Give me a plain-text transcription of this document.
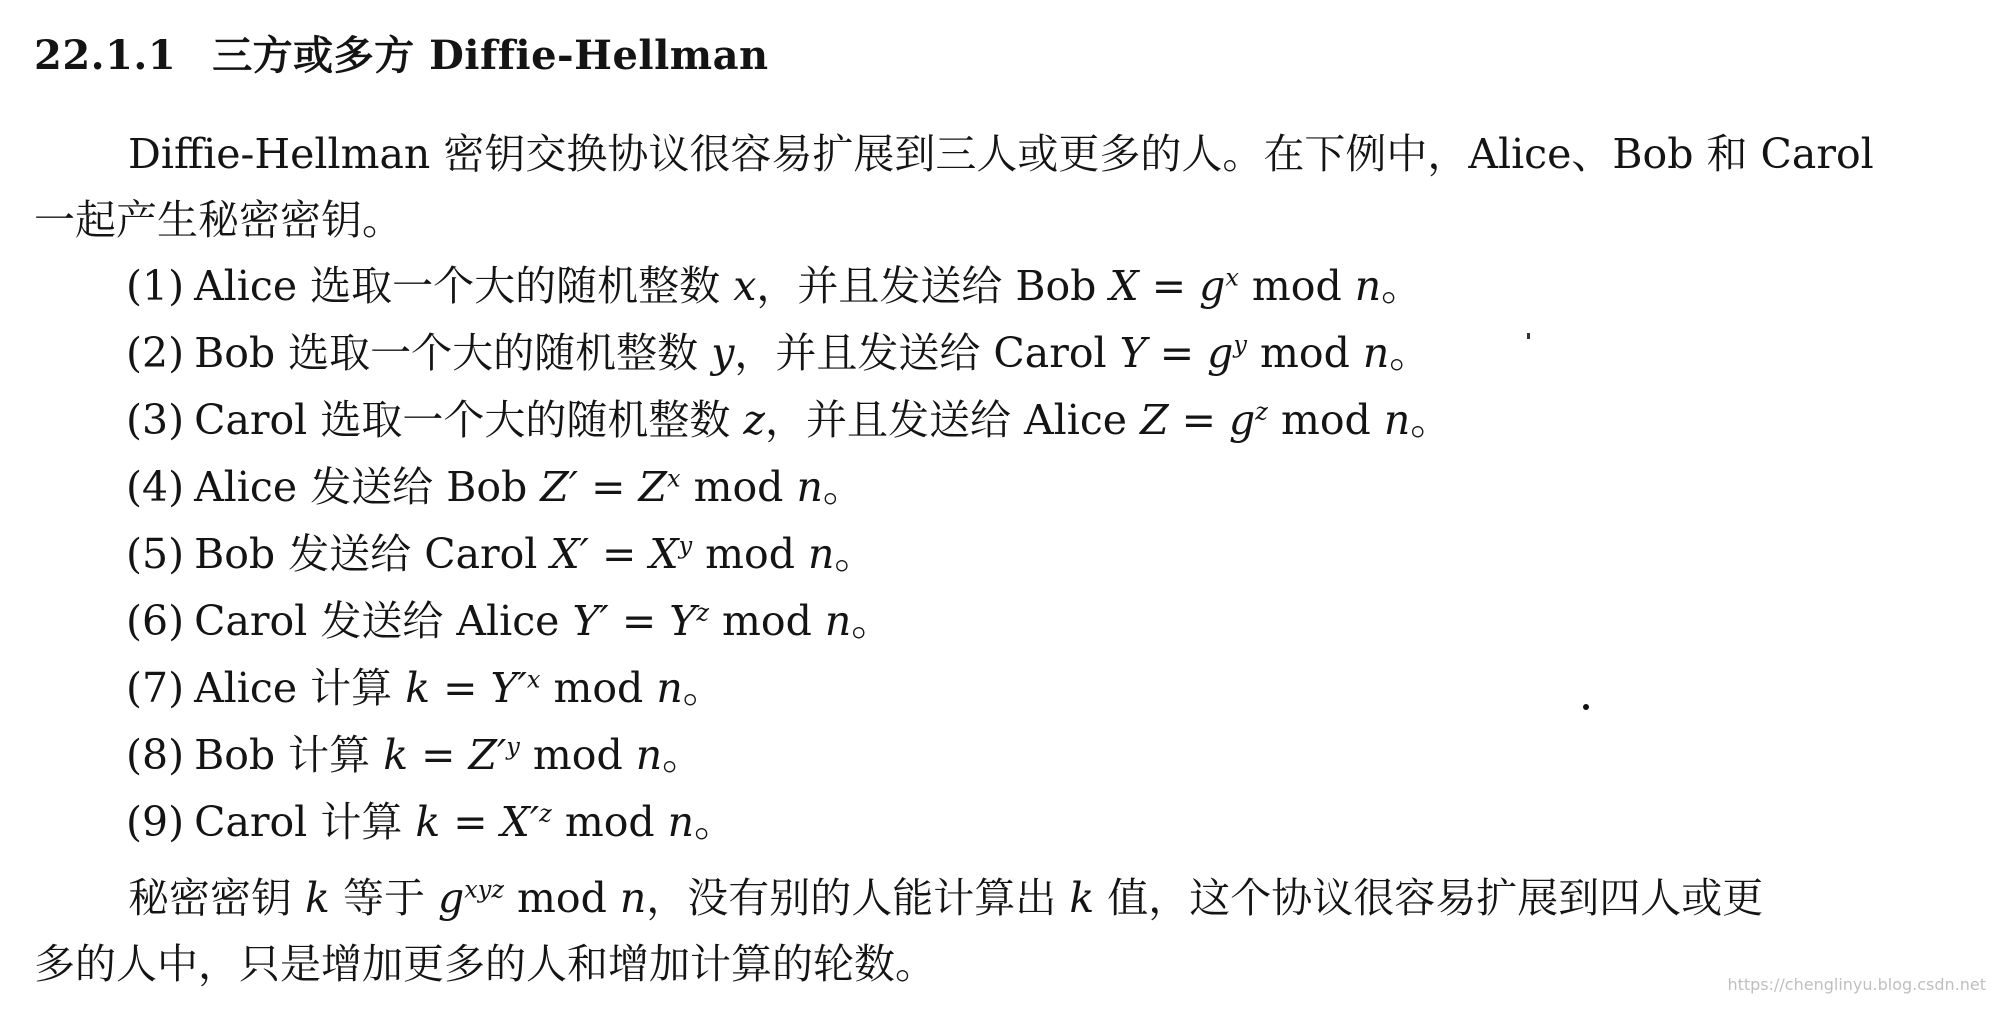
22.1.1 三方或多方 Diffie-Hellman
Diffie-Hellman 密钥交换协议很容易扩展到三人或更多的人。在下例中，Alice、Bob 和 Carol
一起产生秘密密钥。
(1) Alice 选取一个大的随机整数 x，并且发送给 Bob $X = g^x$ mod n。
(2) Bob 选取一个大的随机整数 y，并且发送给 Carol $Y = g^y$ mod n。
(3) Carol 选取一个大的随机整数 z，并且发送给 Alice $Z = g^z$ mod n。
(4) Alice 发送给 Bob $Z' = Z^x$ mod n。
(5) Bob 发送给 Carol $X' = X^y$ mod n。
(6) Carol 发送给 Alice $Y' = Y^z$ mod n。
(7) Alice 计算 $k = Y'^x$ mod n。
(8) Bob 计算 $k = Z'^y$ mod n。
(9) Carol 计算 $k = X'^z$ mod n。
秘密密钥 k 等于 $g^{xyz}$ mod n，没有别的人能计算出 k 值，这个协议很容易扩展到四人或更
多的人中，只是增加更多的人和增加计算的轮数。	https://chenglinyu.blog.csdn.net
